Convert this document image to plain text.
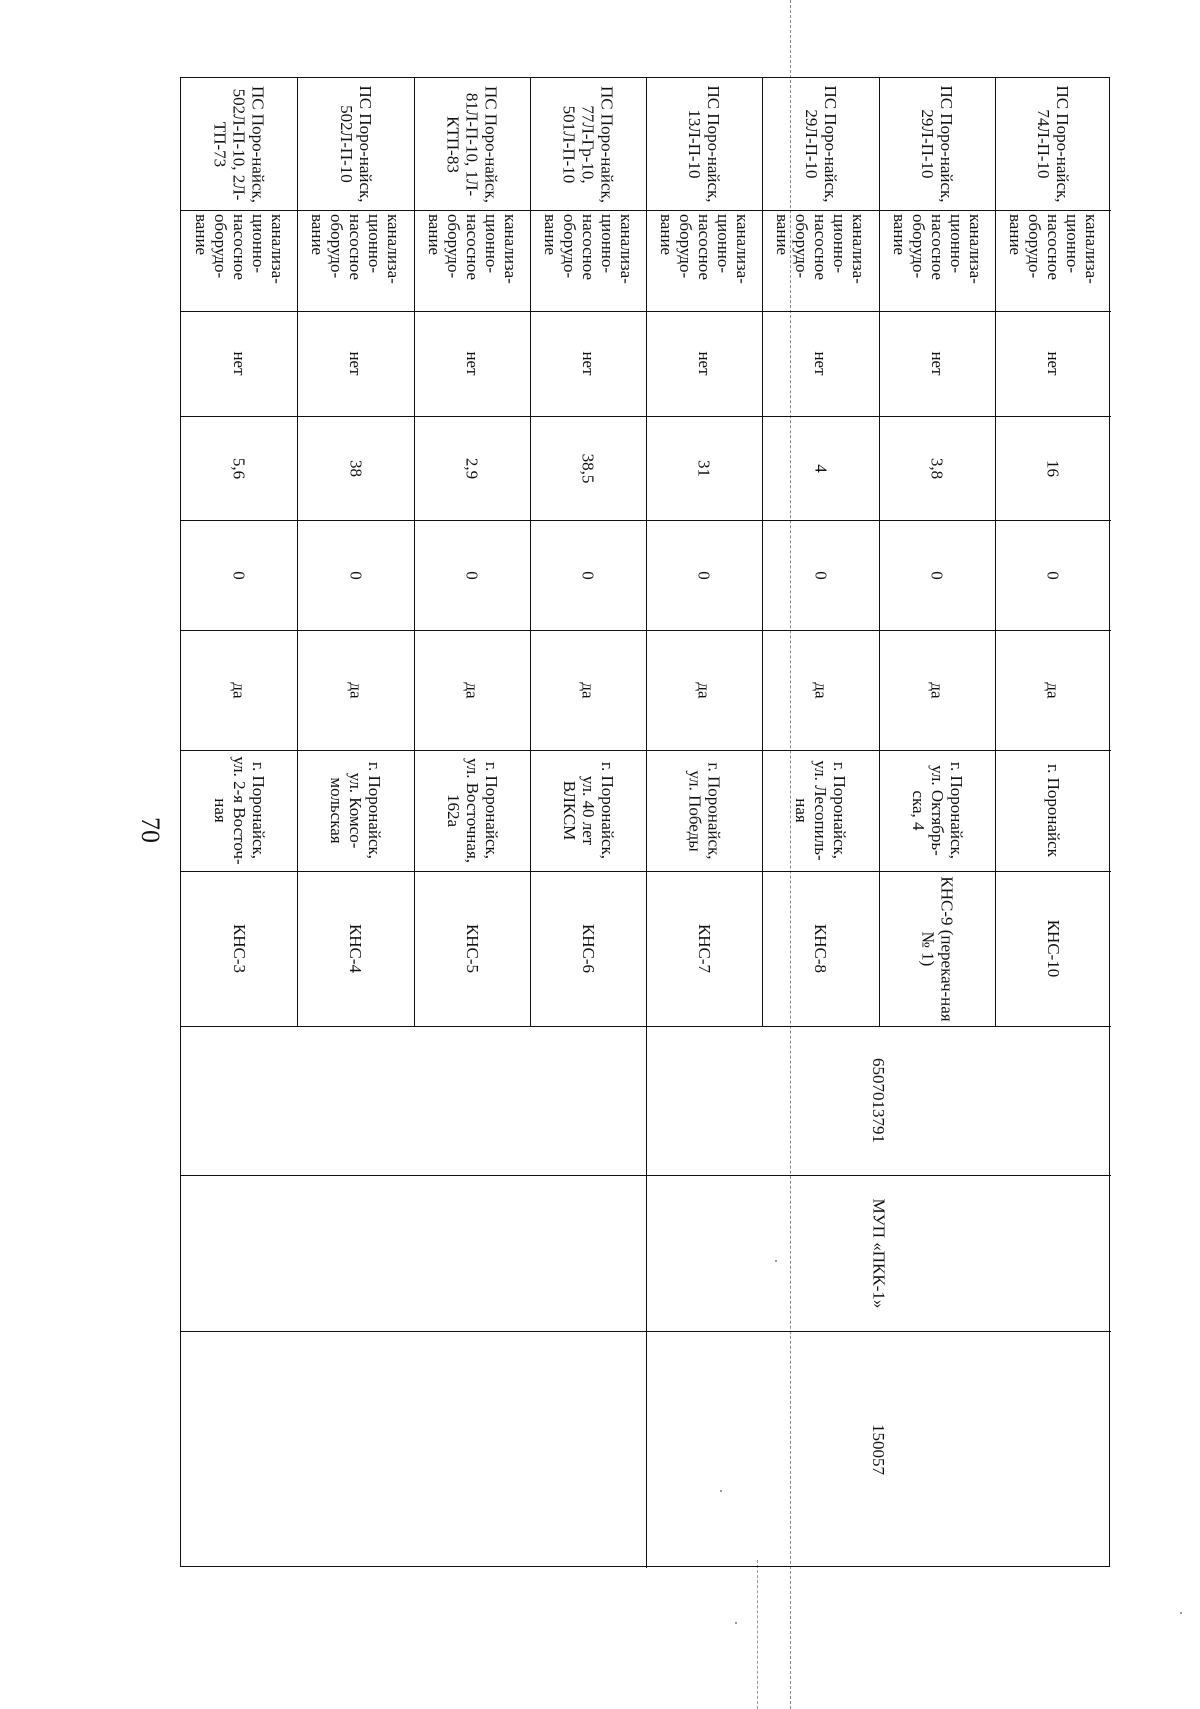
70
ПС Поро-найск, 502Л-П-10, 2Л-ТП-73
канализа-ционно-насосное оборудо-вание
нет
5,6
0
да
г. Поронайск, ул. 2-я Восточ-ная
КНС-3
ПС Поро-найск, 502Л-П-10
канализа-ционно-насосное оборудо-вание
нет
38
0
да
г. Поронайск, ул. Комсо-мольская
КНС-4
ПС Поро-найск, 81Л-П-10, 1Л-КТП-83
канализа-ционно-насосное оборудо-вание
нет
2,9
0
да
г. Поронайск, ул. Восточная, 162а
КНС-5
ПС Поро-найск, 77Л-Гр-10, 501Л-П-10
канализа-ционно-насосное оборудо-вание
нет
38,5
0
да
г. Поронайск, ул. 40 лет ВЛКСМ
КНС-6
ПС Поро-найск, 13Л-П-10
канализа-ционно-насосное оборудо-вание
нет
31
0
да
г. Поронайск, ул. Победы
КНС-7
ПС Поро-найск, 29Л-П-10
канализа-ционно-насосное оборудо-вание
нет
4
0
да
г. Поронайск, ул. Лесопиль-ная
КНС-8
ПС Поро-найск, 29Л-П-10
канализа-ционно-насосное оборудо-вание
нет
3,8
0
да
г. Поронайск, ул. Октябрь-ска, 4
КНС-9 (перекач-ная № 1)
ПС Поро-найск, 74Л-П-10
канализа-ционно-насосное оборудо-вание
нет
16
0
да
г. Поронайск
КНС-10
6507013791
МУП «ПКК-1»
150057
